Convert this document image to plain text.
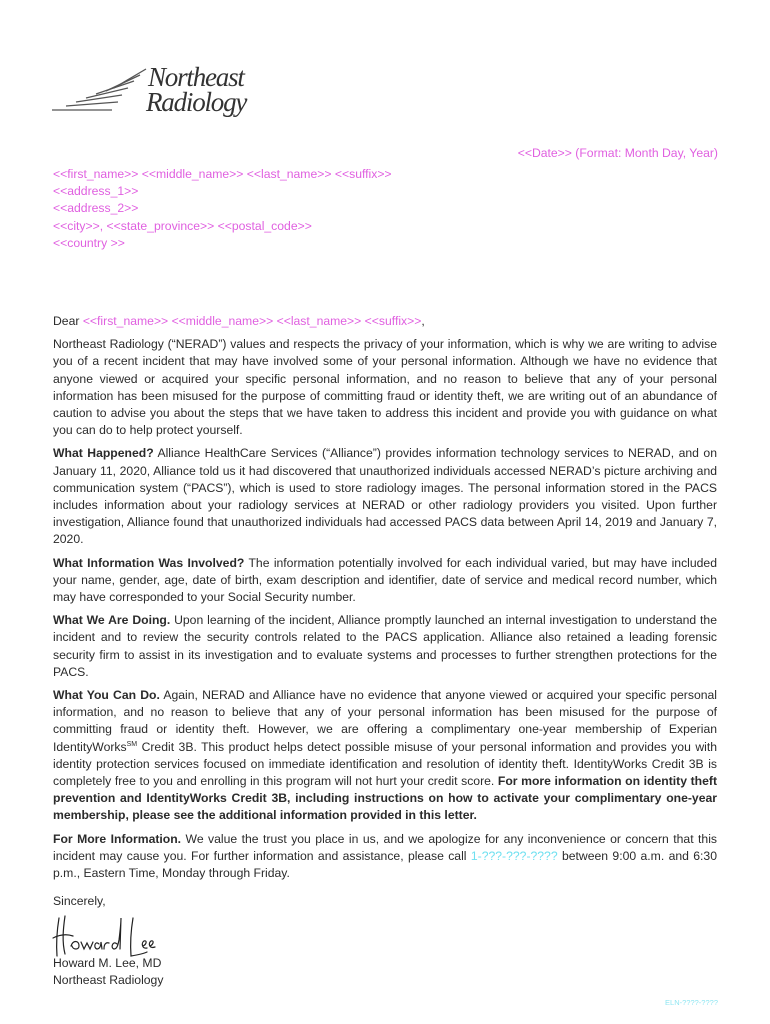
Northeast
Radiology
<<Date>> (Format: Month Day, Year)
<<first_name>> <<middle_name>> <<last_name>> <<suffix>>
<<address_1>>
<<address_2>>
<<city>>, <<state_province>> <<postal_code>>
<<country >>

Dear <<first_name>> <<middle_name>> <<last_name>> <<suffix>>,

Northeast Radiology (“NERAD”) values and respects the privacy of your information, which is why we are writing to advise you of a recent incident that may have involved some of your personal information. Although we have no evidence that anyone viewed or acquired your specific personal information, and no reason to believe that any of your personal information has been misused for the purpose of committing fraud or identity theft, we are writing out of an abundance of caution to advise you about the steps that we have taken to address this incident and provide you with guidance on what you can do to help protect yourself.

What Happened? Alliance HealthCare Services (“Alliance”) provides information technology services to NERAD, and on January 11, 2020, Alliance told us it had discovered that unauthorized individuals accessed NERAD’s picture archiving and communication system (“PACS”), which is used to store radiology images. The personal information stored in the PACS includes information about your radiology services at NERAD or other radiology providers you visited. Upon further investigation, Alliance found that unauthorized individuals had accessed PACS data between April 14, 2019 and January 7, 2020.

What Information Was Involved? The information potentially involved for each individual varied, but may have included your name, gender, age, date of birth, exam description and identifier, date of service and medical record number, which may have corresponded to your Social Security number.

What We Are Doing. Upon learning of the incident, Alliance promptly launched an internal investigation to understand the incident and to review the security controls related to the PACS application. Alliance also retained a leading forensic security firm to assist in its investigation and to evaluate systems and processes to further strengthen protections for the PACS.

What You Can Do. Again, NERAD and Alliance have no evidence that anyone viewed or acquired your specific personal information, and no reason to believe that any of your personal information has been misused for the purpose of committing fraud or identity theft. However, we are offering a complimentary one-year membership of Experian IdentityWorks℠ Credit 3B. This product helps detect possible misuse of your personal information and provides you with identity protection services focused on immediate identification and resolution of identity theft. IdentityWorks Credit 3B is completely free to you and enrolling in this program will not hurt your credit score. For more information on identity theft prevention and IdentityWorks Credit 3B, including instructions on how to activate your complimentary one-year membership, please see the additional information provided in this letter.

For More Information. We value the trust you place in us, and we apologize for any inconvenience or concern that this incident may cause you. For further information and assistance, please call 1-???-???-???? between 9:00 a.m. and 6:30 p.m., Eastern Time, Monday through Friday.

Sincerely,
Howard M. Lee, MD
Northeast Radiology
ELN-????-????
